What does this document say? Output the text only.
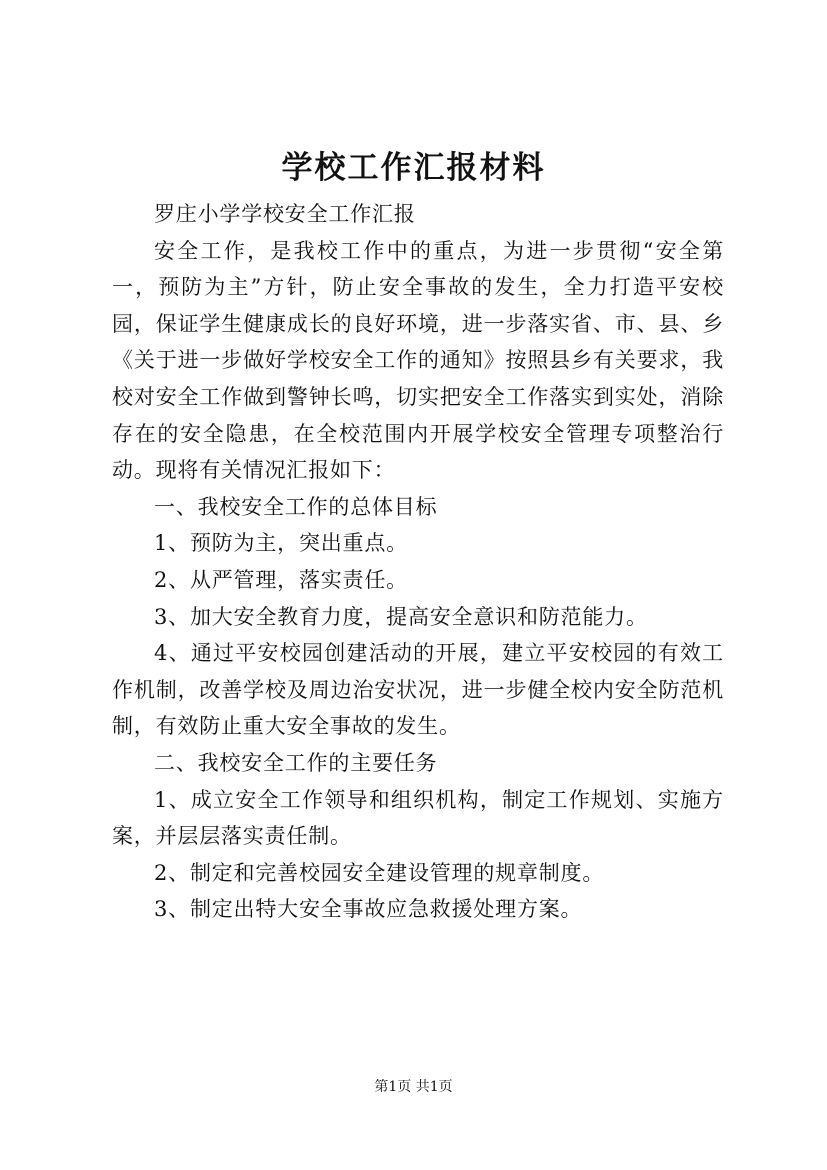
学校工作汇报材料

罗庄小学学校安全工作汇报

安全工作，是我校工作中的重点，为进一步贯彻“安全第一，预防为主”方针，防止安全事故的发生，全力打造平安校园，保证学生健康成长的良好环境，进一步落实省、市、县、乡《关于进一步做好学校安全工作的通知》按照县乡有关要求，我校对安全工作做到警钟长鸣，切实把安全工作落实到实处，消除存在的安全隐患，在全校范围内开展学校安全管理专项整治行动。现将有关情况汇报如下：

一、我校安全工作的总体目标

1、预防为主，突出重点。

2、从严管理，落实责任。

3、加大安全教育力度，提高安全意识和防范能力。

4、通过平安校园创建活动的开展，建立平安校园的有效工作机制，改善学校及周边治安状况，进一步健全校内安全防范机制，有效防止重大安全事故的发生。

二、我校安全工作的主要任务

1、成立安全工作领导和组织机构，制定工作规划、实施方案，并层层落实责任制。

2、制定和完善校园安全建设管理的规章制度。

3、制定出特大安全事故应急救援处理方案。

第1页 共1页
